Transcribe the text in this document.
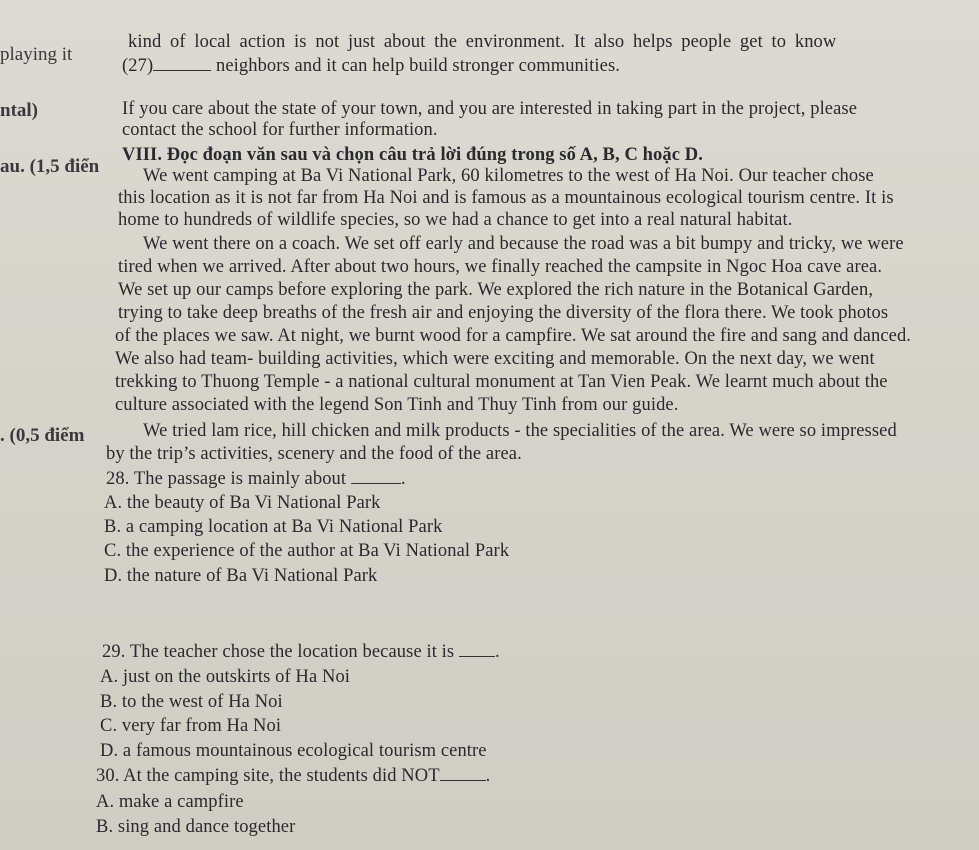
playing it
ntal)
au. (1,5 điển
. (0,5 điểm
kind of local action is not just about the environment. It also helps people get to know
(27)	neighbors and it can help build stronger communities.
If you care about the state of your town, and you are interested in taking part in the project, please
contact the school for further information.
VIII. Đọc đoạn văn sau và chọn câu trả lời đúng trong số A, B, C hoặc D.
We went camping at Ba Vi National Park, 60 kilometres to the west of Ha Noi. Our teacher chose
this location as it is not far from Ha Noi and is famous as a mountainous ecological tourism centre. It is
home to hundreds of wildlife species, so we had a chance to get into a real natural habitat.
We went there on a coach. We set off early and because the road was a bit bumpy and tricky, we were
tired when we arrived. After about two hours, we finally reached the campsite in Ngoc Hoa cave area.
We set up our camps before exploring the park. We explored the rich nature in the Botanical Garden,
trying to take deep breaths of the fresh air and enjoying the diversity of the flora there. We took photos
of the places we saw. At night, we burnt wood for a campfire. We sat around the fire and sang and danced.
We also had team- building activities, which were exciting and memorable. On the next day, we went
trekking to Thuong Temple - a national cultural monument at Tan Vien Peak. We learnt much about the
culture associated with the legend Son Tinh and Thuy Tinh from our guide.
We tried lam rice, hill chicken and milk products - the specialities of the area. We were so impressed
by the trip’s activities, scenery and the food of the area.
28. The passage is mainly about	.
A. the beauty of Ba Vi National Park
B. a camping location at Ba Vi National Park
C. the experience of the author at Ba Vi National Park
D. the nature of Ba Vi National Park
29. The teacher chose the location because it is .
A. just on the outskirts of Ha Noi
B. to the west of Ha Noi
C. very far from Ha Noi
D. a famous mountainous ecological tourism centre
30. At the camping site, the students did NOT .
A. make a campfire
B. sing and dance together
